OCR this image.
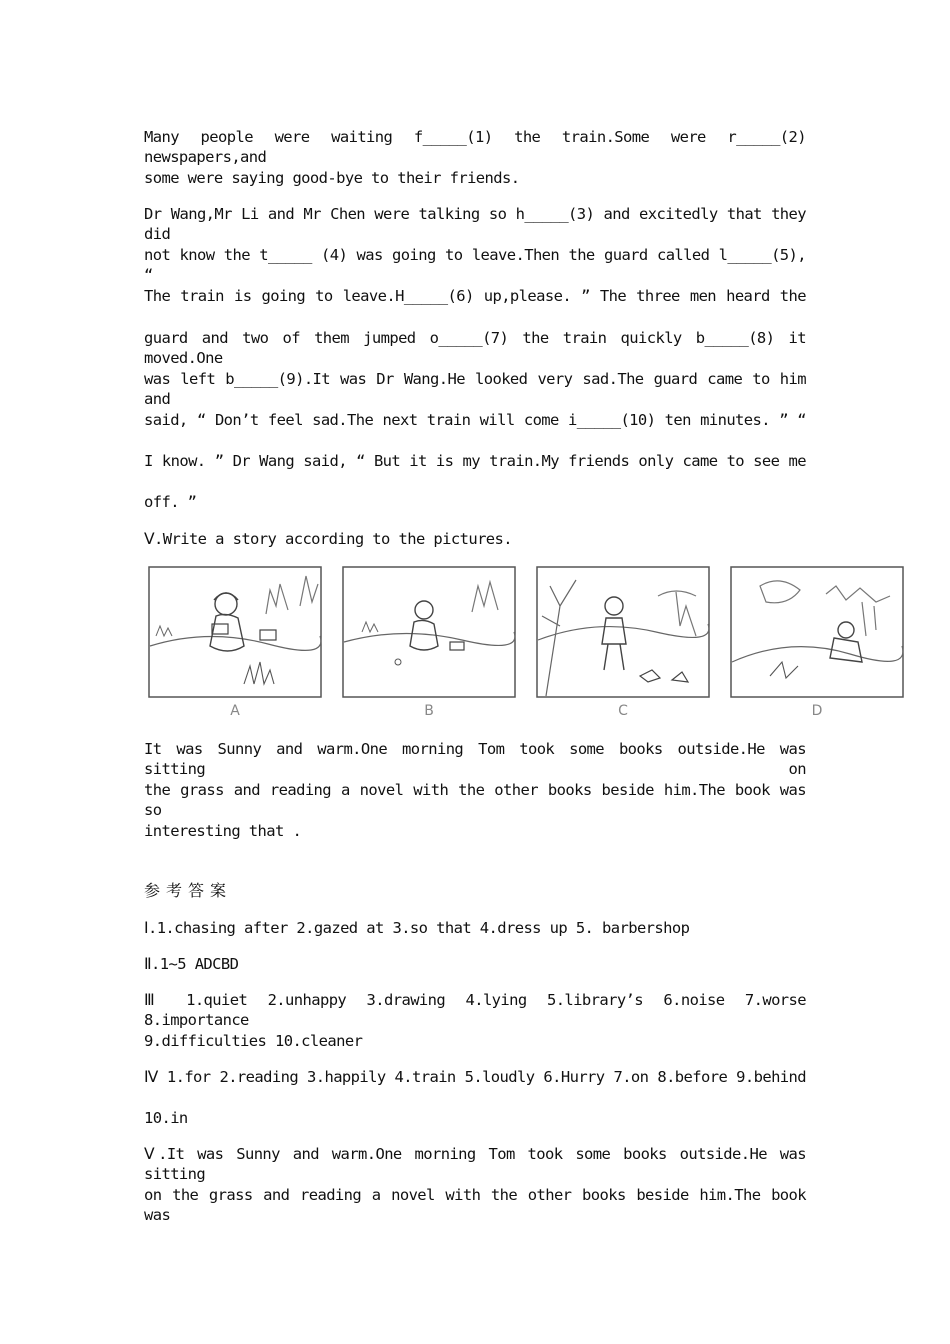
Many people were waiting f_____(1) the train.Some were r_____(2) newspapers,and
some were saying good-bye to their friends.
Dr Wang,Mr Li and Mr Chen were talking so h_____(3) and excitedly that they did
not know the t_____ (4) was going to leave.Then the guard called l_____(5), “
The train is going to leave.H_____(6) up,please. ” The three men heard the
guard and two of them jumped o_____(7) the train quickly b_____(8) it moved.One
was left b_____(9).It was Dr Wang.He looked very sad.The guard came to him and
said, “ Don’t feel sad.The next train will come i_____(10) ten minutes. ” “
I know. ” Dr Wang said, “ But it is my train.My friends only came to see me
off. ”
Ⅴ.Write a story according to the pictures.
A	B	C	D
It was Sunny and warm.One morning Tom took some books outside.He was sitting on
the grass and reading a novel with the other books beside him.The book was so
interesting that .
参考答案
Ⅰ.1.chasing after 2.gazed at 3.so that 4.dress up 5. barbershop
Ⅱ.1~5 ADCBD
Ⅲ 1.quiet 2.unhappy 3.drawing 4.lying 5.library’s 6.noise 7.worse 8.importance
9.difficulties 10.cleaner
Ⅳ 1.for 2.reading 3.happily 4.train 5.loudly 6.Hurry 7.on 8.before 9.behind
10.in
Ⅴ.It was Sunny and warm.One morning Tom took some books outside.He was sitting
on the grass and reading a novel with the other books beside him.The book was
